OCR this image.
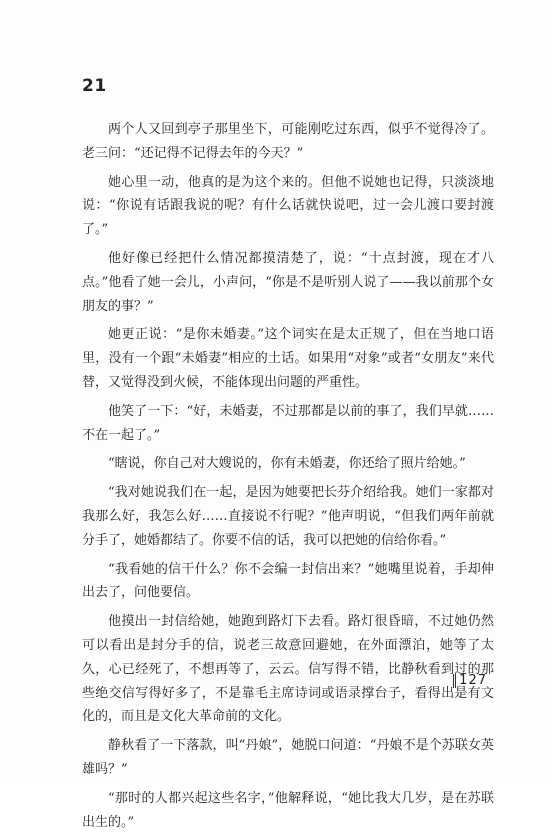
21

两个人又回到亭子那里坐下，可能刚吃过东西，似乎不觉得冷了。老三问：“还记得不记得去年的今天？”

她心里一动，他真的是为这个来的。但他不说她也记得，只淡淡地说：“你说有话跟我说的呢？有什么话就快说吧，过一会儿渡口要封渡了。”

他好像已经把什么情况都摸清楚了，说：“十点封渡，现在才八点。”他看了她一会儿，小声问，“你是不是听别人说了——我以前那个女朋友的事？”

她更正说：“是你未婚妻。”这个词实在是太正规了，但在当地口语里，没有一个跟“未婚妻”相应的土话。如果用“对象”或者“女朋友”来代替，又觉得没到火候，不能体现出问题的严重性。

他笑了一下：“好，未婚妻，不过那都是以前的事了，我们早就……不在一起了。”

“瞎说，你自己对大嫂说的，你有未婚妻，你还给了照片给她。”

“我对她说我们在一起，是因为她要把长芬介绍给我。她们一家都对我那么好，我怎么好……直接说不行呢？”他声明说，“但我们两年前就分手了，她婚都结了。你要不信的话，我可以把她的信给你看。”

“我看她的信干什么？你不会编一封信出来？”她嘴里说着，手却伸出去了，问他要信。

他摸出一封信给她，她跑到路灯下去看。路灯很昏暗，不过她仍然可以看出是封分手的信，说老三故意回避她，在外面漂泊，她等了太久，心已经死了，不想再等了，云云。信写得不错，比静秋看到过的那些绝交信写得好多了，不是靠毛主席诗词或语录撑台子，看得出是有文化的，而且是文化大革命前的文化。

静秋看了一下落款，叫“丹娘”，她脱口问道：“丹娘不是个苏联女英雄吗？”

“那时的人都兴起这些名字，”他解释说，“她比我大几岁，是在苏联出生的。”

127
